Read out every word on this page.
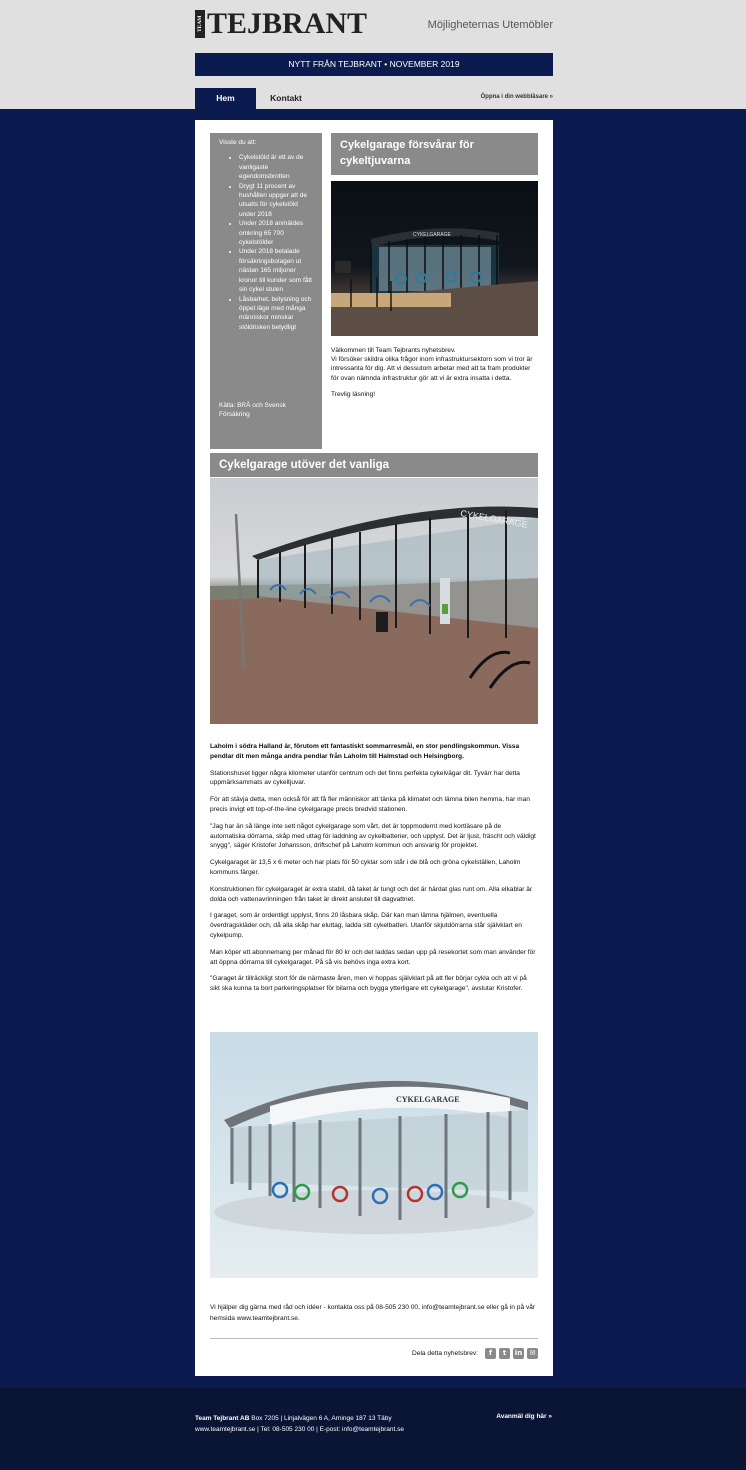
TEAM TEJBRANT	Möjligheternas Utemöbler
NYTT FRÅN TEJBRANT • NOVEMBER 2019
Hem	Kontakt	Öppna i din webbläsare »
Visste du att:
• Cykelstöld är ett av de vanligaste egendomsbrotten
• Drygt 11 procent av hushållen uppger att de utsatts för cykelstöld under 2018
• Under 2018 anmäldes omkring 65 700 cykelstölder
• Under 2018 betalade försäkringsbolagen ut nästan 165 miljoner kronor till kunder som fått sin cykel stulen
• Låsbarhet, belysning och öppet läge med många människor minskar stöldrisken betydligt
Källa: BRÅ och Svensk Försäkring
Cykelgarage försvårar för cykeltjuvarna
CYKELGARAGE

Välkommen till Team Tejbrants nyhetsbrev.
Vi försöker skildra olika frågor inom infrastruktursektorn som vi tror är intressanta för dig. Att vi dessutom arbetar med att ta fram produkter för ovan nämnda infrastruktur gör att vi är extra insatta i detta.

Trevlig läsning!

Cykelgarage utöver det vanliga
CYKELGARAGE

Laholm i södra Halland är, förutom ett fantastiskt sommarresmål, en stor pendlingskommun. Vissa pendlar dit men många andra pendlar från Laholm till Halmstad och Helsingborg.

Stationshuset ligger några kilometer utanför centrum och det finns perfekta cykelvägar dit. Tyvärr har detta uppmärksammats av cykeltjuvar.

För att stävja detta, men också för att få fler människor att tänka på klimatet och lämna bilen hemma, har man precis invigt ett top-of-the-line cykelgarage precis bredvid stationen.

"Jag har än så länge inte sett något cykelgarage som vårt, det är toppmodernt med kortläsare på de automatiska dörrarna, skåp med uttag för laddning av cykelbatterier, och upplyst. Det är ljust, fräscht och väldigt snygg", säger Kristofer Johansson, driftschef på Laholm kommun och ansvarig för projektet.

Cykelgaraget är 13,5 x 6 meter och har plats för 50 cyklar som står i de blå och gröna cykelställen, Laholm kommuns färger.

Konstruktionen för cykelgaraget är extra stabil, då taket är tungt och det är härdat glas runt om. Alla elkablar är dolda och vattenavrinningen från taket är direkt anslutet till dagvattnet.

I garaget, som är ordentligt upplyst, finns 20 låsbara skåp. Där kan man lämna hjälmen, eventuella överdragskläder och, då alla skåp har eluttag, ladda sitt cykelbatteri. Utanför skjutdörrarna står självklart en cykelpump.

Man köper ett abonnemang per månad för 80 kr och det laddas sedan upp på resekortet som man använder för att öppna dörrarna till cykelgaraget. På så vis behövs inga extra kort.

"Garaget är tillräckligt stort för de närmaste åren, men vi hoppas självklart på att fler börjar cykla och att vi på sikt ska kunna ta bort parkeringsplatser för bilarna och bygga ytterligare ett cykelgarage", avslutar Kristofer.

CYKELGARAGE
Vi hjälper dig gärna med råd och idéer - kontakta oss på 08-505 230 00, info@teamtejbrant.se eller gå in på vår hemsida www.teamtejbrant.se.
Dela detta nyhetsbrev:	f	t	in	✉
Team Tejbrant AB Box 7205 | Linjalvägen 6 A, Arninge 187 13 Täby
www.teamtejbrant.se | Tel: 08-505 230 00 | E-post: info@teamtejbrant.se
Avanmäl dig här »
